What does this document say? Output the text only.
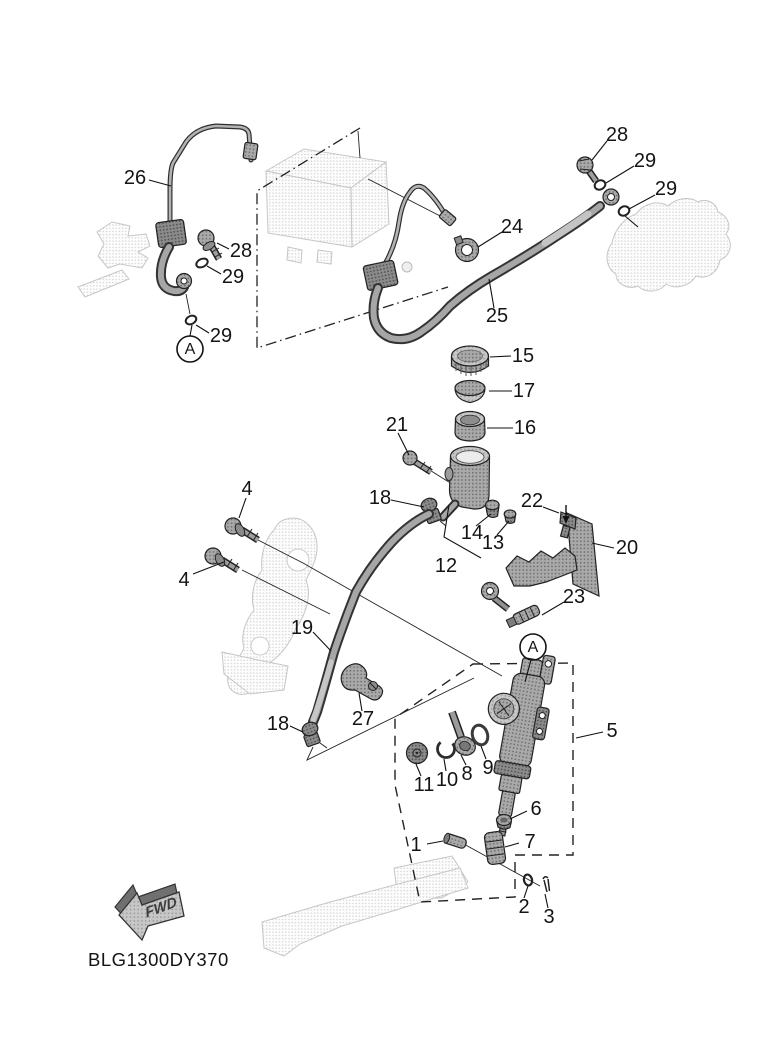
FWD
BLG1300DY370
26
28
29
29
28
29
29
24
25
15
17
16
21
18
14
13
22
20
12
23
4
4
19
18	27
5
11 10 8 9
6
7
1
2 3
A
A
